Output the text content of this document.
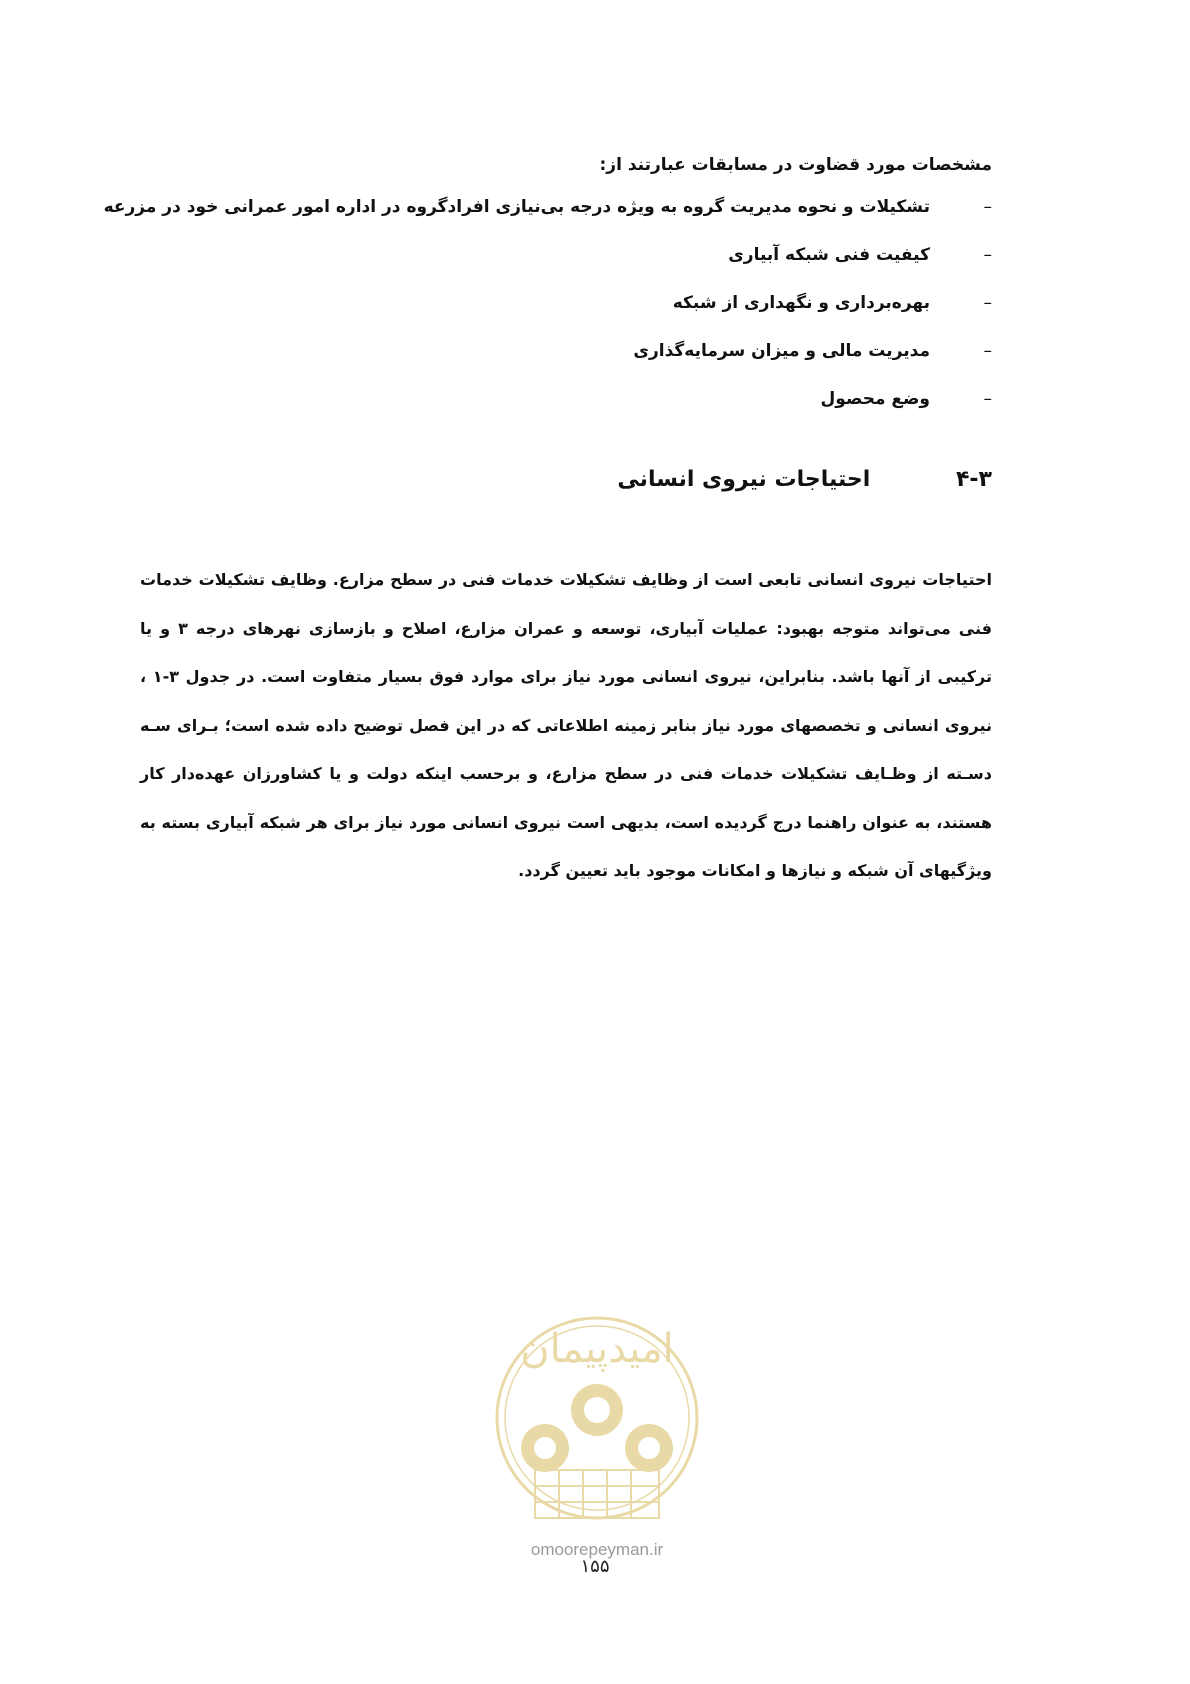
مشخصات مورد قضاوت در مسابقات عبارتند از:
–
تشکیلات و نحوه مدیریت گروه به ویژه درجه بی‌نیازی افرادگروه در اداره امور عمرانی خود در مزرعه
–
کیفیت فنی شبکه آبیاری
–
بهره‌برداری و نگهداری از شبکه
–
مدیریت مالی و میزان سرمایه‌گذاری
–
وضع محصول
۴-۳ احتیاجات نیروی انسانی

احتیاجات نیروی انسانی تابعی است از وظایف تشکیلات خدمات فنی در سطح مزارع. وظایف تشکیلات خدمات فنی می‌تواند متوجه بهبود: عملیات آبیاری، توسعه و عمران مزارع، اصلاح و بازسازی نهرهای درجه ۳ و یا ترکیبی از آنها باشد. بنابراین، نیروی انسانی مورد نیاز برای موارد فوق بسیار متفاوت است. در جدول ۳-۱ ، نیروی انسانی و تخصصهای مورد نیاز بنابر زمینه اطلاعاتی که در این فصل توضیح داده شده است؛ بـرای سـه دسـته از وظـایف تشکیلات خدمات فنی در سطح مزارع، و برحسب اینکه دولت و یا کشاورزان عهده‌دار کار هستند، به عنوان راهنما درج گردیده است، بدیهی است نیروی انسانی مورد نیاز برای هر شبکه آبیاری بسته به ویژگیهای آن شبکه و نیازها و امکانات موجود باید تعیین گردد.

امیدپیمان
omoorepeyman.ir
۱۵۵
